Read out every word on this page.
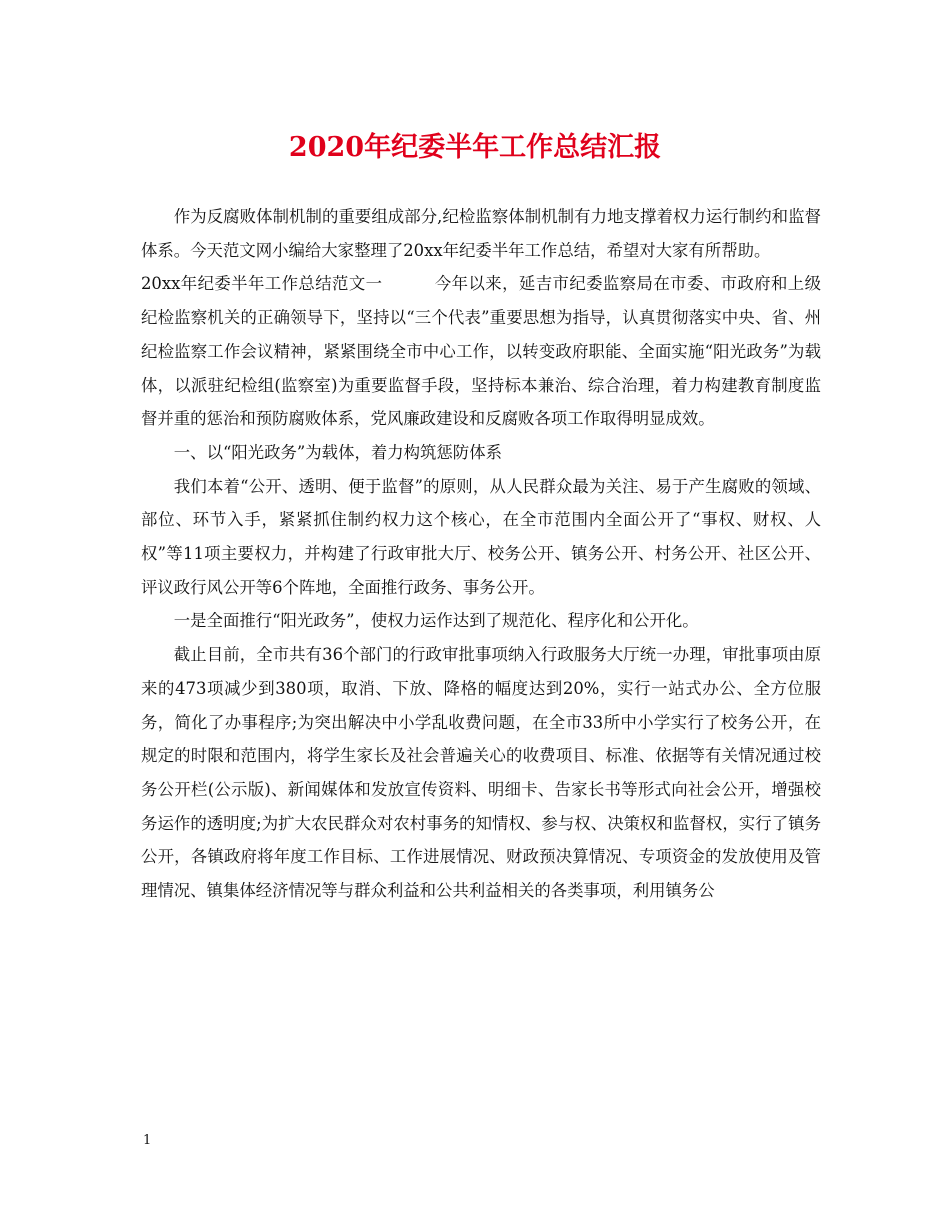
2020年纪委半年工作总结汇报

作为反腐败体制机制的重要组成部分,纪检监察体制机制有力地支撑着权力运行制约和监督体系。今天范文网小编给大家整理了20xx年纪委半年工作总结，希望对大家有所帮助。

20xx年纪委半年工作总结范文一	今年以来，延吉市纪委监察局在市委、市政府和上级纪检监察机关的正确领导下，坚持以“三个代表”重要思想为指导，认真贯彻落实中央、省、州纪检监察工作会议精神，紧紧围绕全市中心工作，以转变政府职能、全面实施“阳光政务”为载体，以派驻纪检组(监察室)为重要监督手段，坚持标本兼治、综合治理，着力构建教育制度监督并重的惩治和预防腐败体系，党风廉政建设和反腐败各项工作取得明显成效。

一、以“阳光政务”为载体，着力构筑惩防体系

我们本着“公开、透明、便于监督”的原则，从人民群众最为关注、易于产生腐败的领域、部位、环节入手，紧紧抓住制约权力这个核心，在全市范围内全面公开了“事权、财权、人权”等11项主要权力，并构建了行政审批大厅、校务公开、镇务公开、村务公开、社区公开、评议政行风公开等6个阵地，全面推行政务、事务公开。

一是全面推行“阳光政务”，使权力运作达到了规范化、程序化和公开化。

截止目前，全市共有36个部门的行政审批事项纳入行政服务大厅统一办理，审批事项由原来的473项减少到380项，取消、下放、降格的幅度达到20%，实行一站式办公、全方位服务，简化了办事程序;为突出解决中小学乱收费问题，在全市33所中小学实行了校务公开，在规定的时限和范围内，将学生家长及社会普遍关心的收费项目、标准、依据等有关情况通过校务公开栏(公示版)、新闻媒体和发放宣传资料、明细卡、告家长书等形式向社会公开，增强校务运作的透明度;为扩大农民群众对农村事务的知情权、参与权、决策权和监督权，实行了镇务公开，各镇政府将年度工作目标、工作进展情况、财政预决算情况、专项资金的发放使用及管理情况、镇集体经济情况等与群众利益和公共利益相关的各类事项，利用镇务公

1
